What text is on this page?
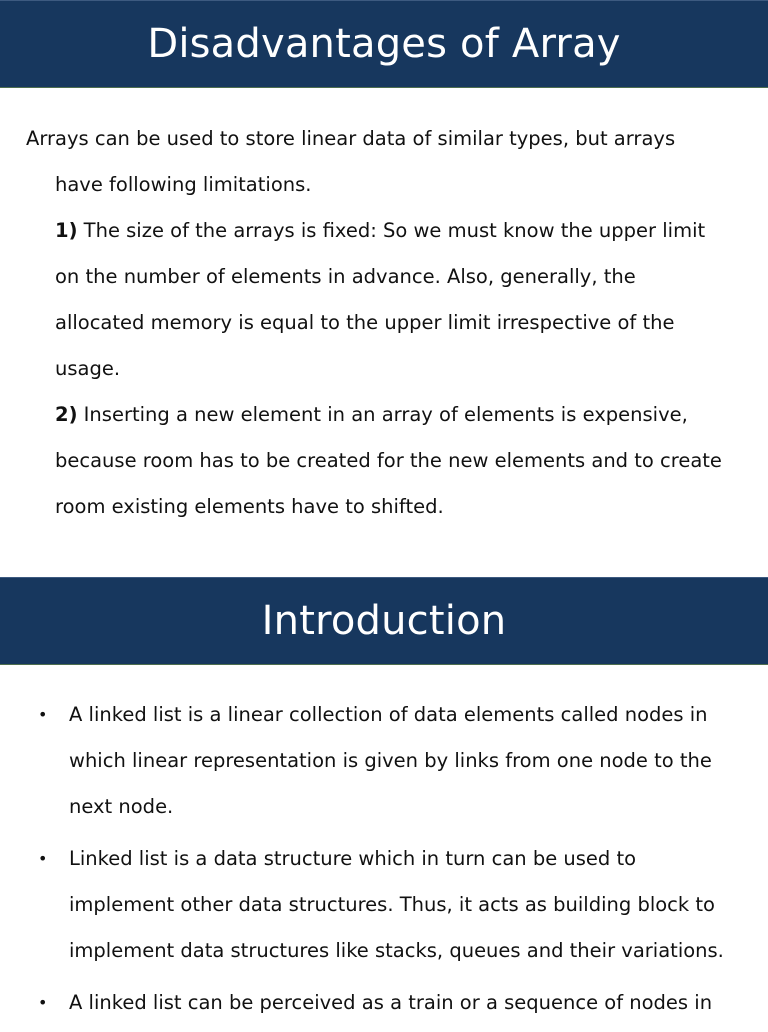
Disadvantages of Array

Arrays can be used to store linear data of similar types, but arrays

have following limitations.

1) The size of the arrays is fixed: So we must know the upper limit

on the number of elements in advance. Also, generally, the

allocated memory is equal to the upper limit irrespective of the

usage.

2) Inserting a new element in an array of elements is expensive,

because room has to be created for the new elements and to create

room existing elements have to shifted.

Introduction
• A linked list is a linear collection of data elements called nodes in
which linear representation is given by links from one node to the
next node.
• Linked list is a data structure which in turn can be used to
implement other data structures. Thus, it acts as building block to
implement data structures like stacks, queues and their variations.
• A linked list can be perceived as a train or a sequence of nodes in
